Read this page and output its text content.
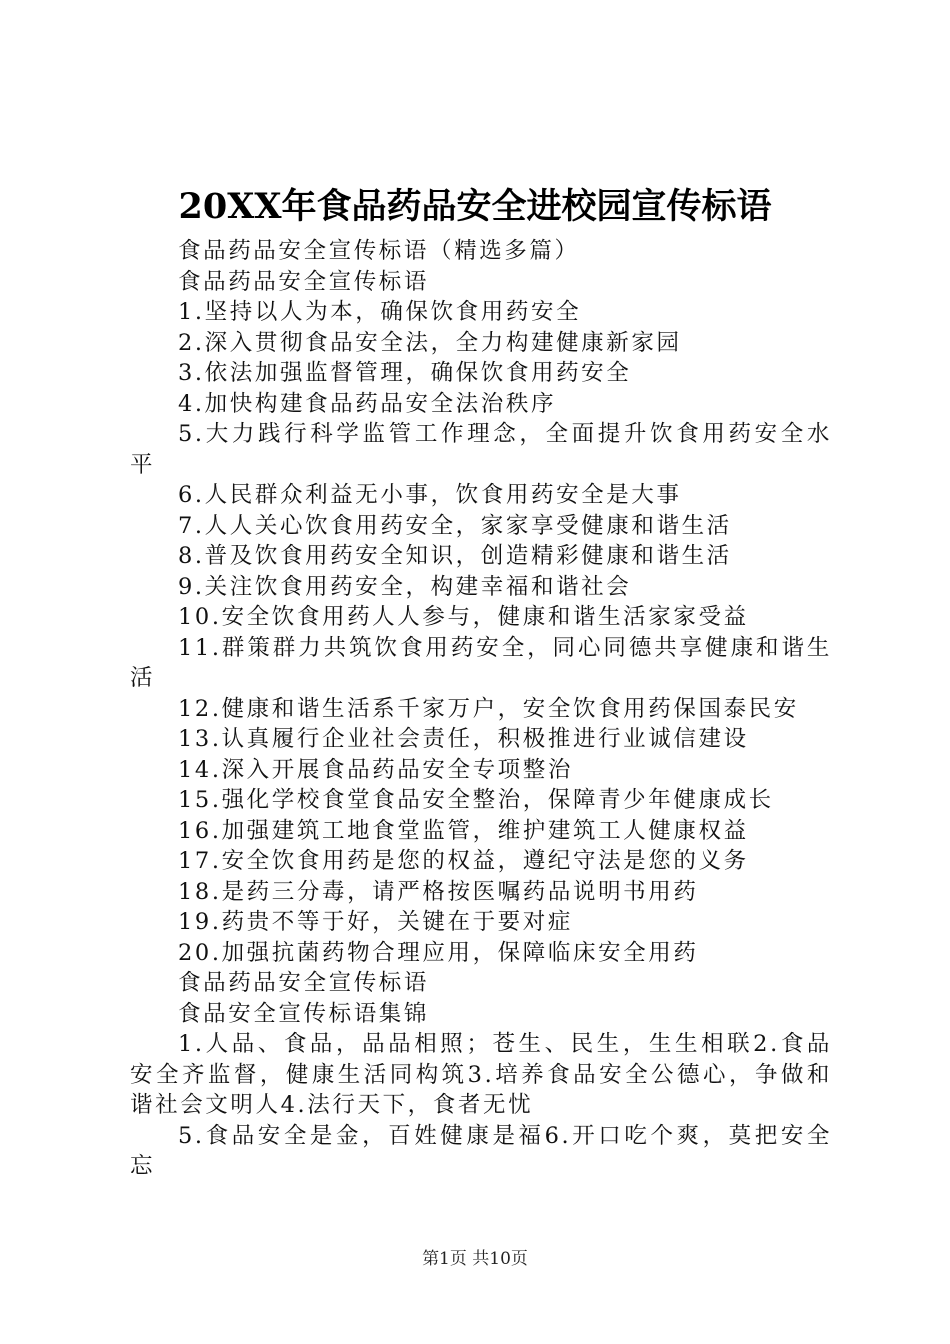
20XX年食品药品安全进校园宣传标语

食品药品安全宣传标语（精选多篇）

食品药品安全宣传标语

1.坚持以人为本，确保饮食用药安全

2.深入贯彻食品安全法，全力构建健康新家园

3.依法加强监督管理，确保饮食用药安全

4.加快构建食品药品安全法治秩序

5.大力践行科学监管工作理念，全面提升饮食用药安全水平

6.人民群众利益无小事，饮食用药安全是大事

7.人人关心饮食用药安全，家家享受健康和谐生活

8.普及饮食用药安全知识，创造精彩健康和谐生活

9.关注饮食用药安全，构建幸福和谐社会

10.安全饮食用药人人参与，健康和谐生活家家受益

11.群策群力共筑饮食用药安全，同心同德共享健康和谐生活

12.健康和谐生活系千家万户，安全饮食用药保国泰民安

13.认真履行企业社会责任，积极推进行业诚信建设

14.深入开展食品药品安全专项整治

15.强化学校食堂食品安全整治，保障青少年健康成长

16.加强建筑工地食堂监管，维护建筑工人健康权益

17.安全饮食用药是您的权益，遵纪守法是您的义务

18.是药三分毒，请严格按医嘱药品说明书用药

19.药贵不等于好，关键在于要对症

20.加强抗菌药物合理应用，保障临床安全用药

食品药品安全宣传标语

食品安全宣传标语集锦

1.人品、食品，品品相照；苍生、民生，生生相联2.食品安全齐监督，健康生活同构筑3.培养食品安全公德心，争做和谐社会文明人4.法行天下，食者无忧

5.食品安全是金，百姓健康是福6.开口吃个爽，莫把安全忘

第1页 共10页
